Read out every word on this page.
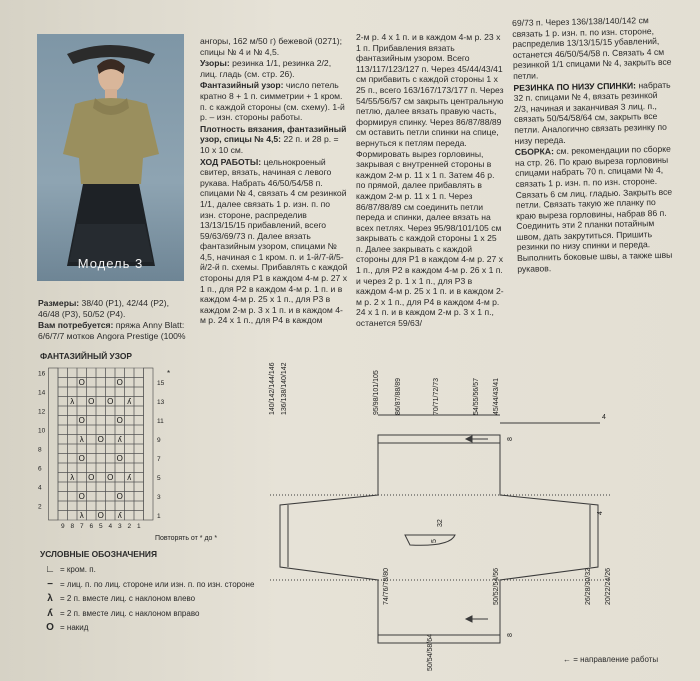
Модель 3

Размеры: 38/40 (Р1), 42/44 (Р2), 46/48 (Р3), 50/52 (Р4).

Вам потребуется: пряжа Anny Blatt: 6/6/7/7 мотков Angora Prestige (100%

ангоры, 162 м/50 г) бежевой (0271); спицы № 4 и № 4,5.

Узоры: резинка 1/1, резинка 2/2, лиц. гладь (см. стр. 26).

Фантазийный узор: число петель кратно 8 + 1 п. симметрии + 1 кром. п. с каждой стороны (см. схему). 1-й р. – изн. стороны работы.

Плотность вязания, фантазийный узор, спицы № 4,5: 22 п. и 28 р. = 10 х 10 см.

ХОД РАБОТЫ: цельнокроеный свитер, вязать, начиная с левого рукава. Набрать 46/50/54/58 п. спицами № 4, связать 4 см резинкой 1/1, далее связать 1 р. изн. п. по изн. стороне, распределив 13/13/15/15 прибавлений, всего 59/63/69/73 п. Далее вязать фантазийным узором, спицами № 4,5, начиная с 1 кром. п. и 1-й/7-й/5-й/2-й п. схемы. Прибавлять с каждой стороны для Р1 в каждом 4-м р. 27 х 1 п., для Р2 в каждом 4-м р. 1 п. и в каждом 4-м р. 25 х 1 п., для Р3 в каждом 2-м р. 3 х 1 п. и в каждом 4-м р. 24 х 1 п., для Р4 в каждом

2-м р. 4 х 1 п. и в каждом 4-м р. 23 х 1 п. Прибавления вязать фантазийным узором. Всего 113/117/123/127 п. Через 45/44/43/41 см прибавить с каждой стороны 1 х 25 п., всего 163/167/173/177 п. Через 54/55/56/57 см закрыть центральную петлю, далее вязать правую часть, формируя спинку. Через 86/87/88/89 см оставить петли спинки на спице, вернуться к петлям переда. Формировать вырез горловины, закрывая с внутренней стороны в каждом 2-м р. 11 х 1 п. Затем 46 р. по прямой, далее прибавлять в каждом 2-м р. 11 х 1 п. Через 86/87/88/89 см соединить петли переда и спинки, далее вязать на всех петлях. Через 95/98/101/105 см закрывать с каждой стороны 1 х 25 п. Далее закрывать с каждой стороны для Р1 в каждом 4-м р. 27 х 1 п., для Р2 в каждом 4-м р. 26 х 1 п. и через 2 р. 1 х 1 п., для Р3 в каждом 4-м р. 25 х 1 п. и в каждом 2-м р. 2 х 1 п., для Р4 в каждом 4-м р. 24 х 1 п. и в каждом 2-м р. 3 х 1 п., останется 59/63/

69/73 п. Через 136/138/140/142 см связать 1 р. изн. п. по изн. стороне, распределив 13/13/15/15 убавлений, останется 46/50/54/58 п. Связать 4 см резинкой 1/1 спицами № 4, закрыть все петли.

РЕЗИНКА ПО НИЗУ СПИНКИ: набрать 32 п. спицами № 4, вязать резинкой 2/3, начиная и заканчивая 3 лиц. п., связать 50/54/58/64 см, закрыть все петли. Аналогично связать резинку по низу переда.

СБОРКА: см. рекомендации по сборке на стр. 26. По краю выреза горловины спицами набрать 70 п. спицами № 4, связать 1 р. изн. п. по изн. стороне. Связать 6 см лиц. гладью. Закрыть все петли. Связать такую же планку по краю выреза горловины, набрав 86 п. Соединить эти 2 планки потайным швом, дать закрутиться. Пришить резинки по низу спинки и переда. Выполнить боковые швы, а также швы рукавов.

ФАНТАЗИЙНЫЙ УЗОР
O	O
λ O O ʎ
O	O
λ O ʎ
O	O
λ O O ʎ
O	O
λ O ʎ
16
14
12
10
8
6
4
2
15
13
11
9
7
5
3
1
9 8 7 6 5 4 3 2 1
*
Повторять от * до *
УСЛОВНЫЕ ОБОЗНАЧЕНИЯ
∟ = кром. п.
− = лиц. п. по лиц. стороне или изн. п. по изн. стороне
λ = 2 п. вместе лиц. с наклоном влево
ʎ = 2 п. вместе лиц. с наклоном вправо
O = накид
140/142/144/146 136/138/140/142	95/98/101/105 86/87/88/89	70/71/72/73	54/55/56/57 45/44/43/41
74/76/78/80	50/52/54/56	26/28/30/32 20/22/24/26
50/54/58/64
4
8
32
5
4
8
← = направление работы
